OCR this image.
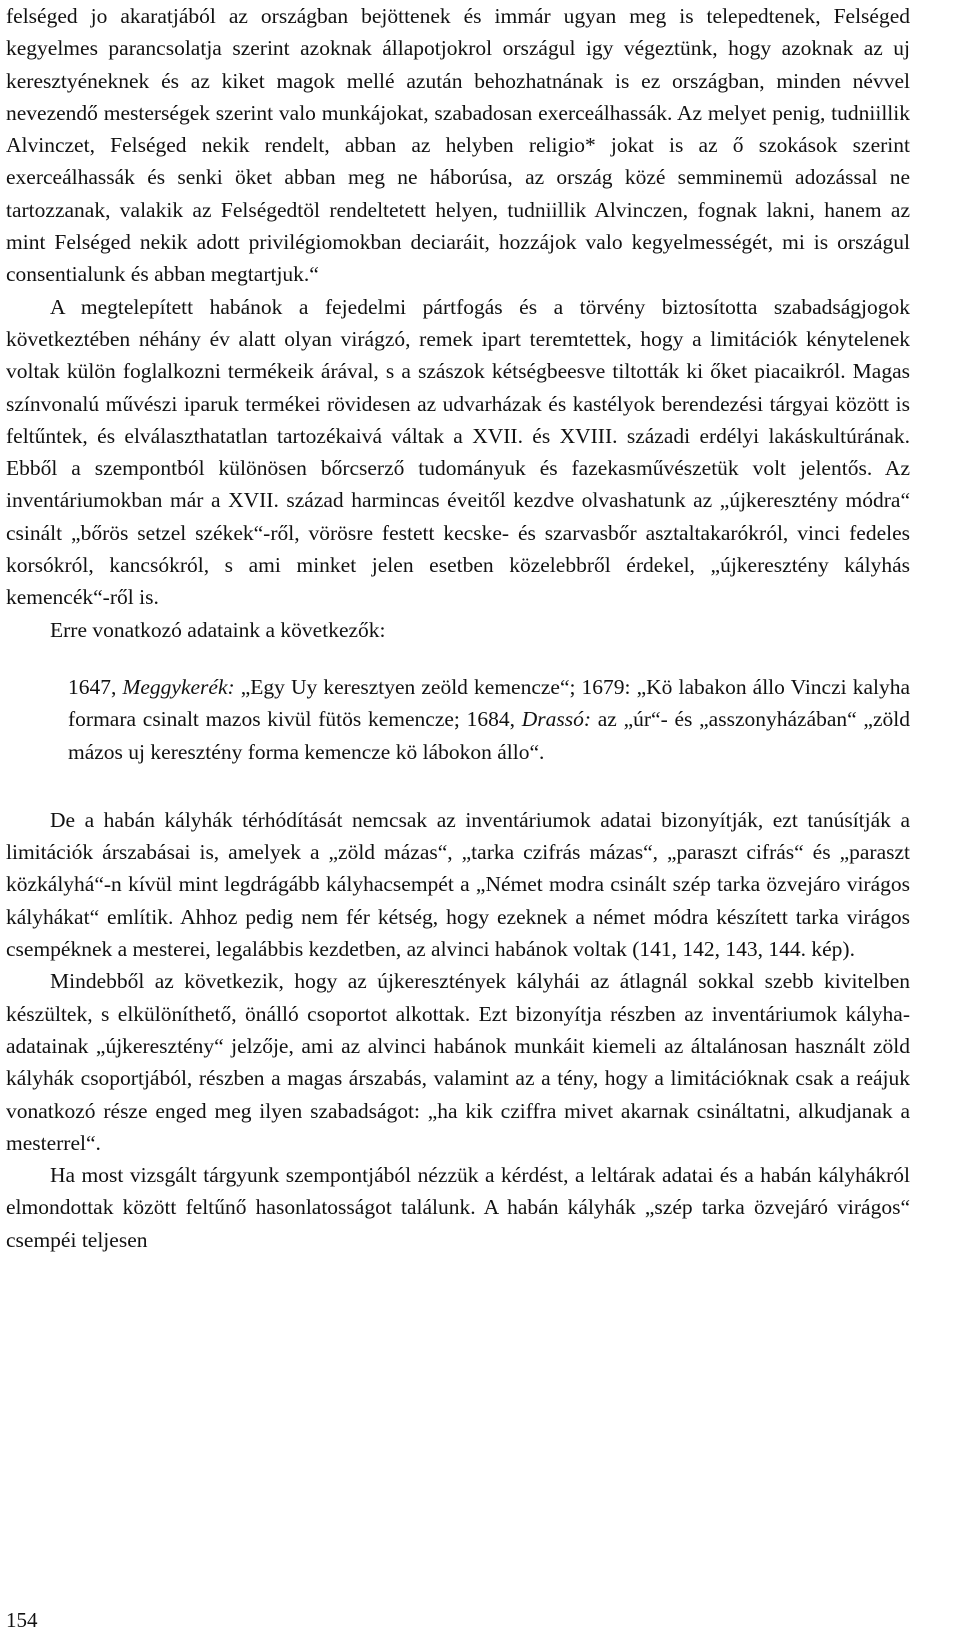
felséged jo akaratjából az országban bejöttenek és immár ugyan meg is telepedtenek, Felséged kegyelmes parancsolatja szerint azoknak állapotjokrol országul igy végeztünk, hogy azoknak az uj keresztyéneknek és az kiket magok mellé azután behozhatnának is ez országban, minden névvel nevezendő mesterségek szerint valo munkájokat, szabadosan exerceálhassák. Az melyet penig, tudniillik Alvinczet, Felséged nekik rendelt, abban az helyben religio* jokat is az ő szokások szerint exerceálhassák és senki öket abban meg ne háborúsa, az ország közé semminemü adozással ne tartozzanak, valakik az Felségedtöl rendeltetett helyen, tudniillik Alvinczen, fognak lakni, hanem az mint Felséged nekik adott privilégiomokban deciaráit, hozzájok valo kegyelmességét, mi is országul consentialunk és abban megtartjuk.“

A megtelepített habánok a fejedelmi pártfogás és a törvény biztosította szabadságjogok következtében néhány év alatt olyan virágzó, remek ipart teremtettek, hogy a limitációk kénytelenek voltak külön foglalkozni termékeik árával, s a szászok kétségbeesve tiltották ki őket piacaikról. Magas színvonalú művészi iparuk termékei rövidesen az udvarházak és kastélyok berendezési tárgyai között is feltűntek, és elválaszthatatlan tartozékaivá váltak a XVII. és XVIII. századi erdélyi lakáskultúrának. Ebből a szempontból különösen bőrcserző tudományuk és fazekasművészetük volt jelentős. Az inventáriumokban már a XVII. század harmincas éveitől kezdve olvashatunk az „újkeresztény módra“ csinált „bőrös setzel székek“-ről, vörösre festett kecske- és szarvasbőr asztaltakarókról, vinci fedeles korsókról, kancsókról, s ami minket jelen esetben közelebbről érdekel, „újkeresztény kályhás kemencék“-ről is.

Erre vonatkozó adataink a következők:

1647, Meggykerék: „Egy Uy keresztyen zeöld kemencze“; 1679: „Kö labakon állo Vinczi kalyha formara csinalt mazos kivül fütös kemencze; 1684, Drassó: az „úr“- és „asszonyházában“ „zöld mázos uj keresztény forma kemencze kö lábokon állo“.

De a habán kályhák térhódítását nemcsak az inventáriumok adatai bizonyítják, ezt tanúsítják a limitációk árszabásai is, amelyek a „zöld mázas“, „tarka czifrás mázas“, „paraszt cifrás“ és „paraszt közkályhá“-n kívül mint legdrágább kályhacsempét a „Német modra csinált szép tarka özvejáro virágos kályhákat“ említik. Ahhoz pedig nem fér kétség, hogy ezeknek a német módra készített tarka virágos csempéknek a mesterei, legalábbis kezdetben, az alvinci habánok voltak (141, 142, 143, 144. kép).

Mindebből az következik, hogy az újkeresztények kályhái az átlagnál sokkal szebb kivitelben készültek, s elkülöníthető, önálló csoportot alkottak. Ezt bizonyítja részben az inventáriumok kályha-adatainak „újkeresztény“ jelzője, ami az alvinci habánok munkáit kiemeli az általánosan használt zöld kályhák csoportjából, részben a magas árszabás, valamint az a tény, hogy a limitációknak csak a reájuk vonatkozó része enged meg ilyen szabadságot: „ha kik cziffra mivet akarnak csináltatni, alkudjanak a mesterrel“.

Ha most vizsgált tárgyunk szempontjából nézzük a kérdést, a leltárak adatai és a habán kályhákról elmondottak között feltűnő hasonlatosságot találunk. A habán kályhák „szép tarka özvejáró virágos“ csempéi teljesen

154
